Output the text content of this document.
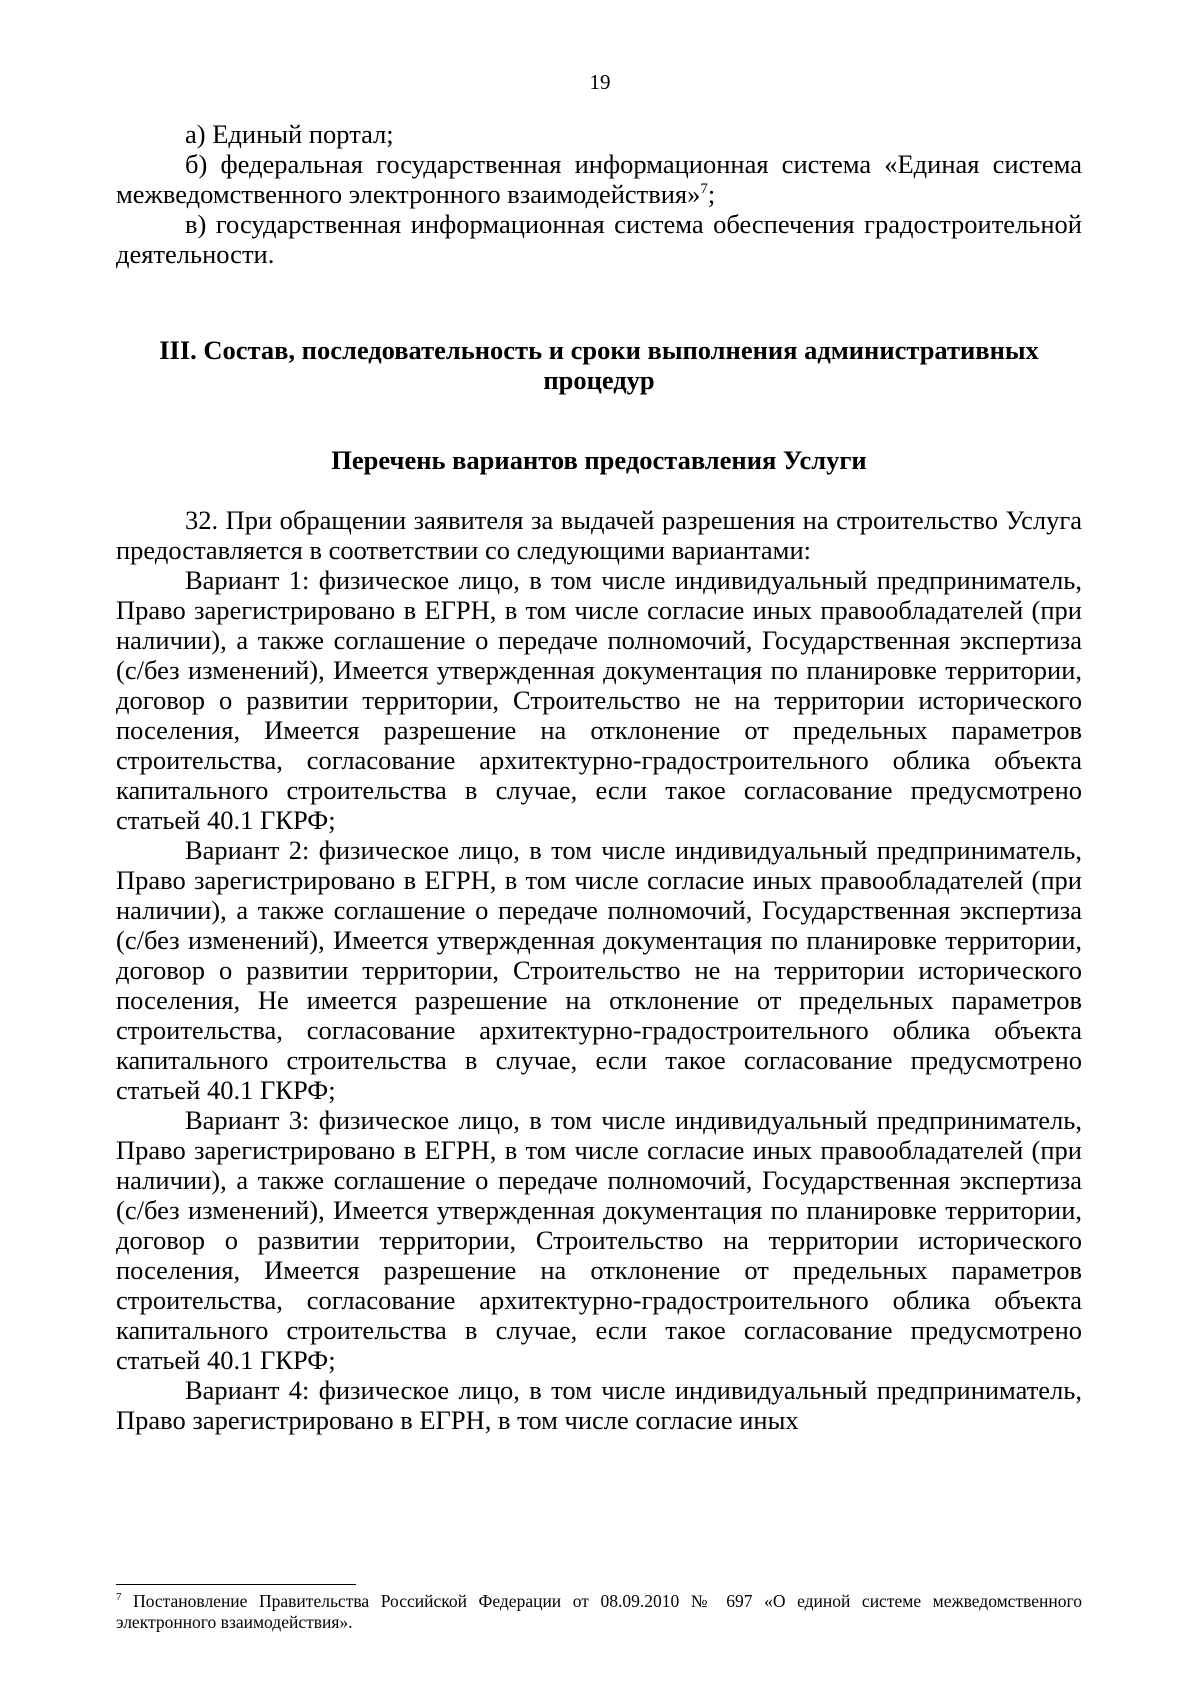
19

а) Единый портал;

б) федеральная государственная информационная система «Единая система межведомственного электронного взаимодействия»$^7$;

в) государственная информационная система обеспечения градостроительной деятельности.

III. Состав, последовательность и сроки выполнения административных процедур
Перечень вариантов предоставления Услуги

32. При обращении заявителя за выдачей разрешения на строительство Услуга предоставляется в соответствии со следующими вариантами:

Вариант 1: физическое лицо, в том числе индивидуальный предприниматель, Право зарегистрировано в ЕГРН, в том числе согласие иных правообладателей (при наличии), а также соглашение о передаче полномочий, Государственная экспертиза (с/без изменений), Имеется утвержденная документация по планировке территории, договор о развитии территории, Строительство не на территории исторического поселения, Имеется разрешение на отклонение от предельных параметров строительства, согласование архитектурно-градостроительного облика объекта капитального строительства в случае, если такое согласование предусмотрено статьей 40.1 ГКРФ;

Вариант 2: физическое лицо, в том числе индивидуальный предприниматель, Право зарегистрировано в ЕГРН, в том числе согласие иных правообладателей (при наличии), а также соглашение о передаче полномочий, Государственная экспертиза (с/без изменений), Имеется утвержденная документация по планировке территории, договор о развитии территории, Строительство не на территории исторического поселения, Не имеется разрешение на отклонение от предельных параметров строительства, согласование архитектурно-градостроительного облика объекта капитального строительства в случае, если такое согласование предусмотрено статьей 40.1 ГКРФ;

Вариант 3: физическое лицо, в том числе индивидуальный предприниматель, Право зарегистрировано в ЕГРН, в том числе согласие иных правообладателей (при наличии), а также соглашение о передаче полномочий, Государственная экспертиза (с/без изменений), Имеется утвержденная документация по планировке территории, договор о развитии территории, Строительство на территории исторического поселения, Имеется разрешение на отклонение от предельных параметров строительства, согласование архитектурно-градостроительного облика объекта капитального строительства в случае, если такое согласование предусмотрено статьей 40.1 ГКРФ;

Вариант 4: физическое лицо, в том числе индивидуальный предприниматель, Право зарегистрировано в ЕГРН, в том числе согласие иных

$^7$ Постановление Правительства Российской Федерации от 08.09.2010 № 697 «О единой системе межведомственного электронного взаимодействия».
